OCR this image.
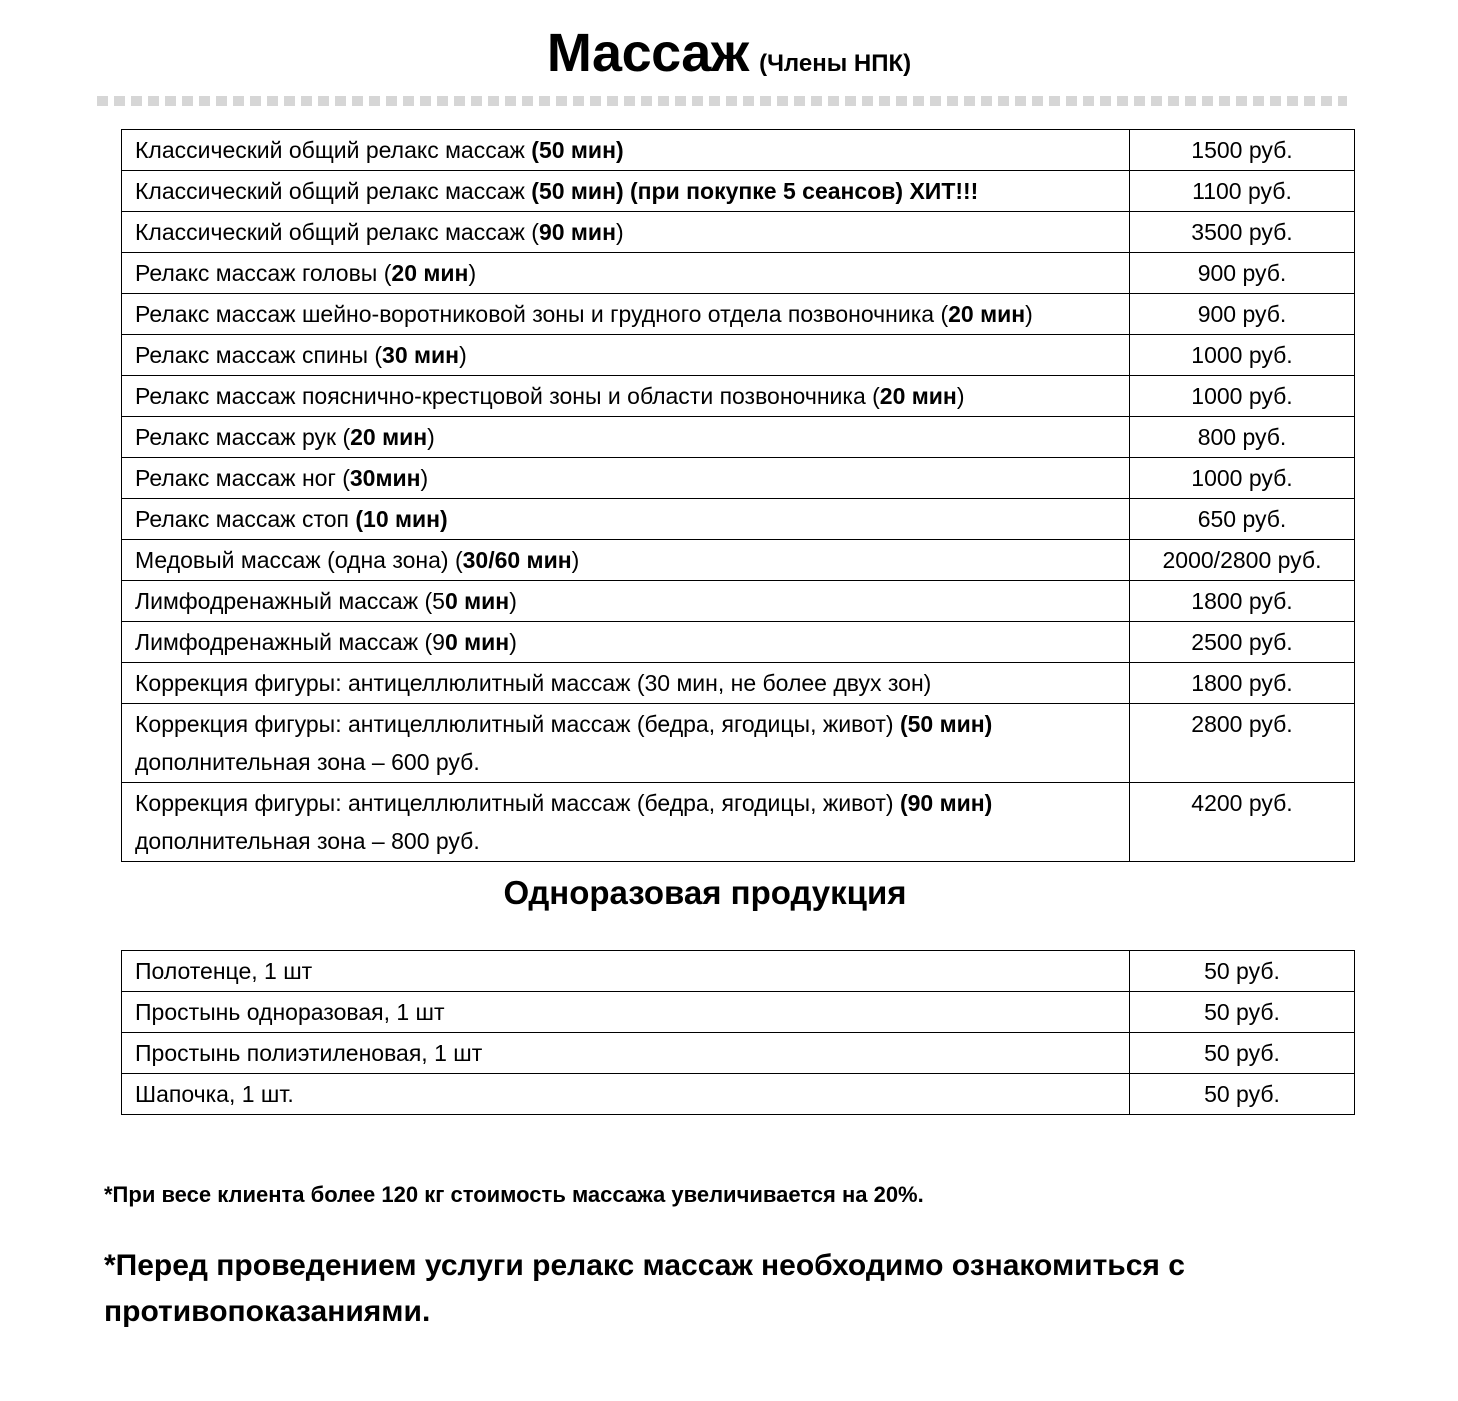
Массаж (Члены НПК)
Классический общий релакс массаж (50 мин)	1500 руб.
Классический общий релакс массаж (50 мин) (при покупке 5 сеансов) ХИТ!!!	1100 руб.
Классический общий релакс массаж (90 мин)	3500 руб.
Релакс массаж головы (20 мин)	900 руб.
Релакс массаж шейно-воротниковой зоны и грудного отдела позвоночника (20 мин)	900 руб.
Релакс массаж спины (30 мин)	1000 руб.
Релакс массаж пояснично-крестцовой зоны и области позвоночника (20 мин)	1000 руб.
Релакс массаж рук (20 мин)	800 руб.
Релакс массаж ног (30мин)	1000 руб.
Релакс массаж стоп (10 мин)	650 руб.
Медовый массаж (одна зона) (30/60 мин)	2000/2800 руб.
Лимфодренажный массаж (50 мин)	1800 руб.
Лимфодренажный массаж (90 мин)	2500 руб.
Коррекция фигуры: антицеллюлитный массаж (30 мин, не более двух зон)	1800 руб.
Коррекция фигуры: антицеллюлитный массаж (бедра, ягодицы, живот) (50 мин)
дополнительная зона – 600 руб.	2800 руб.
Коррекция фигуры: антицеллюлитный массаж (бедра, ягодицы, живот) (90 мин)
дополнительная зона – 800 руб.	4200 руб.
Одноразовая продукция
Полотенце, 1 шт	50 руб.
Простынь одноразовая, 1 шт	50 руб.
Простынь полиэтиленовая, 1 шт	50 руб.
Шапочка, 1 шт.	50 руб.
*При весе клиента более 120 кг стоимость массажа увеличивается на 20%.
*Перед проведением услуги релакс массаж необходимо ознакомиться с противопоказаниями.
